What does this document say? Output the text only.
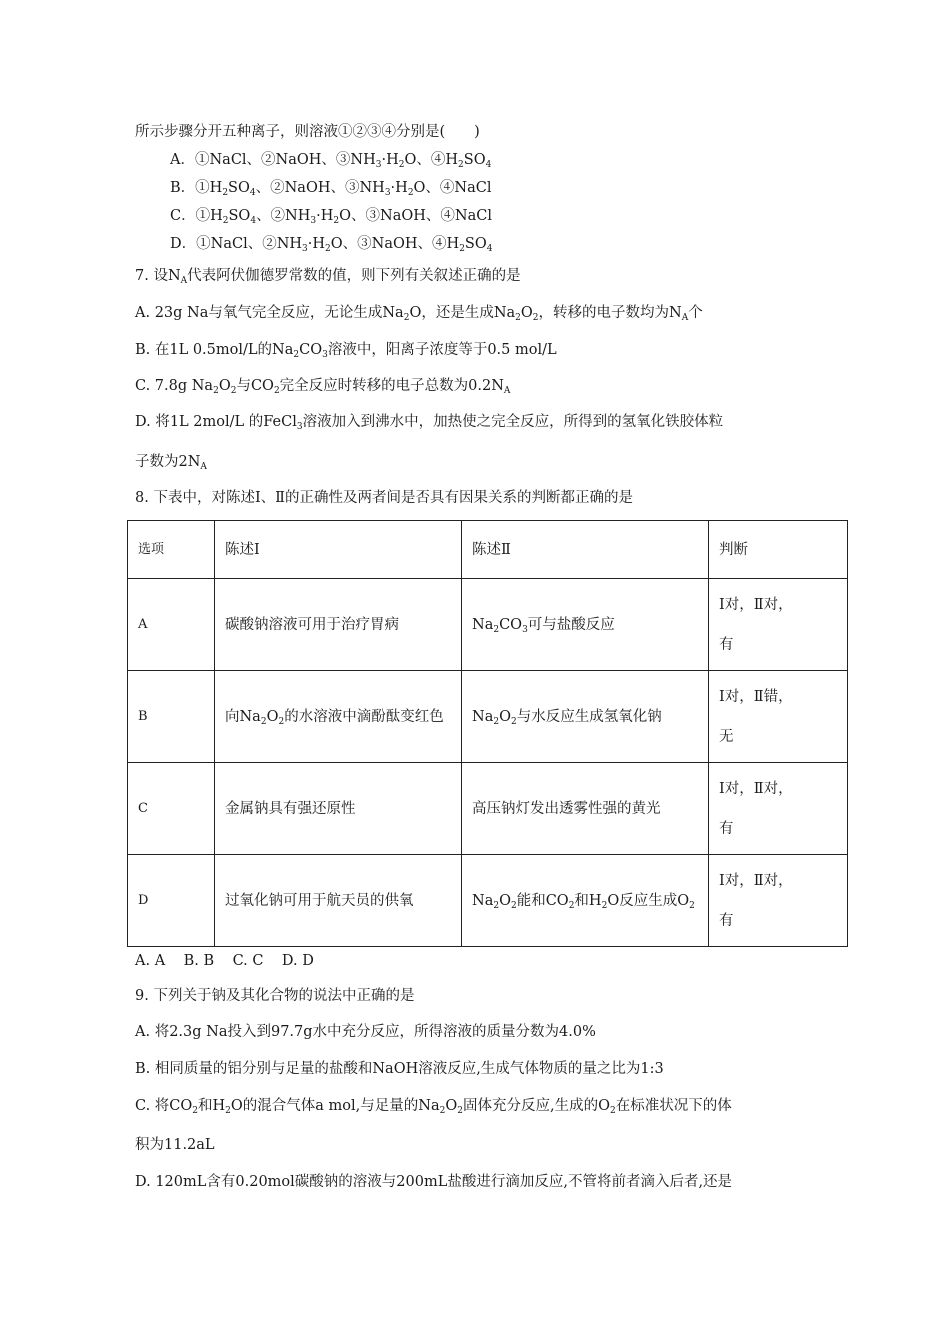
所示步骤分开五种离子，则溶液①②③④分别是(　　)
A．①NaCl、②NaOH、$③NH_3\cdot H_2O$、$④H_2SO_4$
B．$①H_2SO_4$、②NaOH、$③NH_3\cdot H_2O$、④NaCl
C．$①H_2SO_4$、$②NH_3\cdot H_2O$、③NaOH、④NaCl
D．①NaCl、$②NH_3\cdot H_2O$、③NaOH、$④H_2SO_4$
7. 设$N_A$代表阿伏伽德罗常数的值，则下列有关叙述正确的是
A. 23g Na与氧气完全反应，无论生成$Na_2O$，还是生成$Na_2O_2$，转移的电子数均为$N_A$个
B. 在1L 0.5mol/L的$Na_2CO_3$溶液中，阳离子浓度等于0.5 mol/L
C. 7.8g $Na_2O_2$与$CO_2$完全反应时转移的电子总数为$0.2N_A$
D. 将1L 2mol/L 的FeCl$_3$溶液加入到沸水中，加热使之完全反应，所得到的氢氧化铁胶体粒
子数为$2N_A$
8. 下表中，对陈述Ⅰ、Ⅱ的正确性及两者间是否具有因果关系的判断都正确的是
选项	陈述Ⅰ	陈述Ⅱ	判断
A	碳酸钠溶液可用于治疗胃病	$Na_2CO_3$可与盐酸反应	Ⅰ对，Ⅱ对，
有
B	向$Na_2O_2$的水溶液中滴酚酞变红色	$Na_2O_2$与水反应生成氢氧化钠	Ⅰ对，Ⅱ错，
无
C	金属钠具有强还原性	高压钠灯发出透雾性强的黄光	Ⅰ对，Ⅱ对，
有
D	过氧化钠可用于航天员的供氧	$Na_2O_2$能和$CO_2$和$H_2O$反应生成$O_2$	Ⅰ对，Ⅱ对，
有
A. A    B. B    C. C    D. D
9. 下列关于钠及其化合物的说法中正确的是
A. 将2.3g Na投入到97.7g水中充分反应，所得溶液的质量分数为4.0%
B. 相同质量的铝分别与足量的盐酸和NaOH溶液反应,生成气体物质的量之比为1:3
C. 将$CO_2$和$H_2O$的混合气体a mol,与足量的$Na_2O_2$固体充分反应,生成的$O_2$在标准状况下的体
积为11.2aL
D. 120mL含有0.20mol碳酸钠的溶液与200mL盐酸进行滴加反应,不管将前者滴入后者,还是
